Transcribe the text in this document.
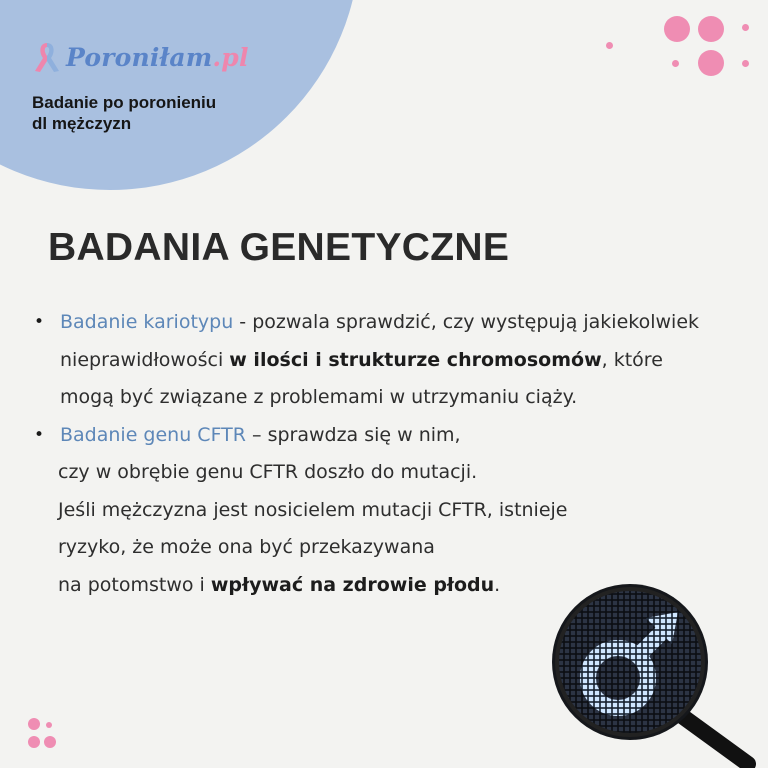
Poroniłam.pl
Badanie po poronieniu
dl mężczyzn
BADANIA GENETYCZNE
• Badanie kariotypu - pozwala sprawdzić, czy występują jakiekolwiek nieprawidłowości w ilości i strukturze chromosomów, które mogą być związane z problemami w utrzymaniu ciąży.
• Badanie genu CFTR – sprawdza się w nim,
czy w obrębie genu CFTR doszło do mutacji.
Jeśli mężczyzna jest nosicielem mutacji CFTR, istnieje
ryzyko, że może ona być przekazywana
na potomstwo i wpływać na zdrowie płodu.
